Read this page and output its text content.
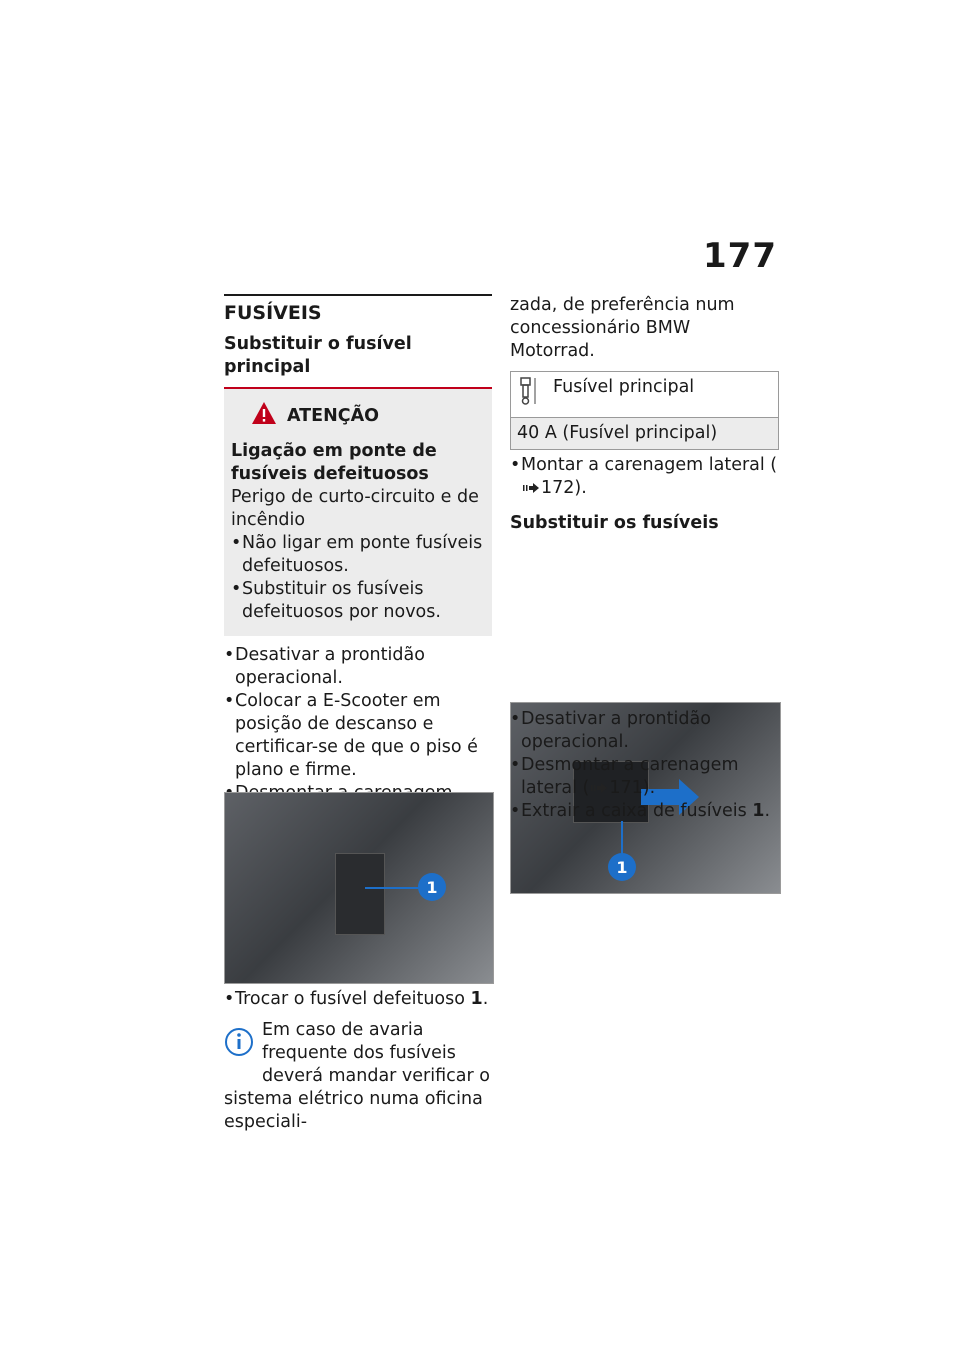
177
FUSÍVEIS
Substituir o fusível principal
ATENÇÃO
Ligação em ponte de fusíveis defeituosos
Perigo de curto-circuito e de incêndio
• Não ligar em ponte fusíveis defeituosos.
• Substituir os fusíveis defeituosos por novos.
• Desativar a prontidão operacional.
• Colocar a E-Scooter em posição de descanso e certificar-se de que o piso é plano e firme.
•
1
• Trocar o fusível defeituoso 1.
Em caso de avaria frequente dos fusíveis deverá mandar verificar o sistema elétrico numa oficina especiali-
zada, de preferência num concessionário BMW Motorrad.
Fusível principal

40 A (Fusível principal)
• Montar a carenagem lateral (172).
Substituir os fusíveis
1
• Desativar a prontidão operacional.
• Desmontar a carenagem lateral ( 171).
• Extrair a caixa de fusíveis 1.
